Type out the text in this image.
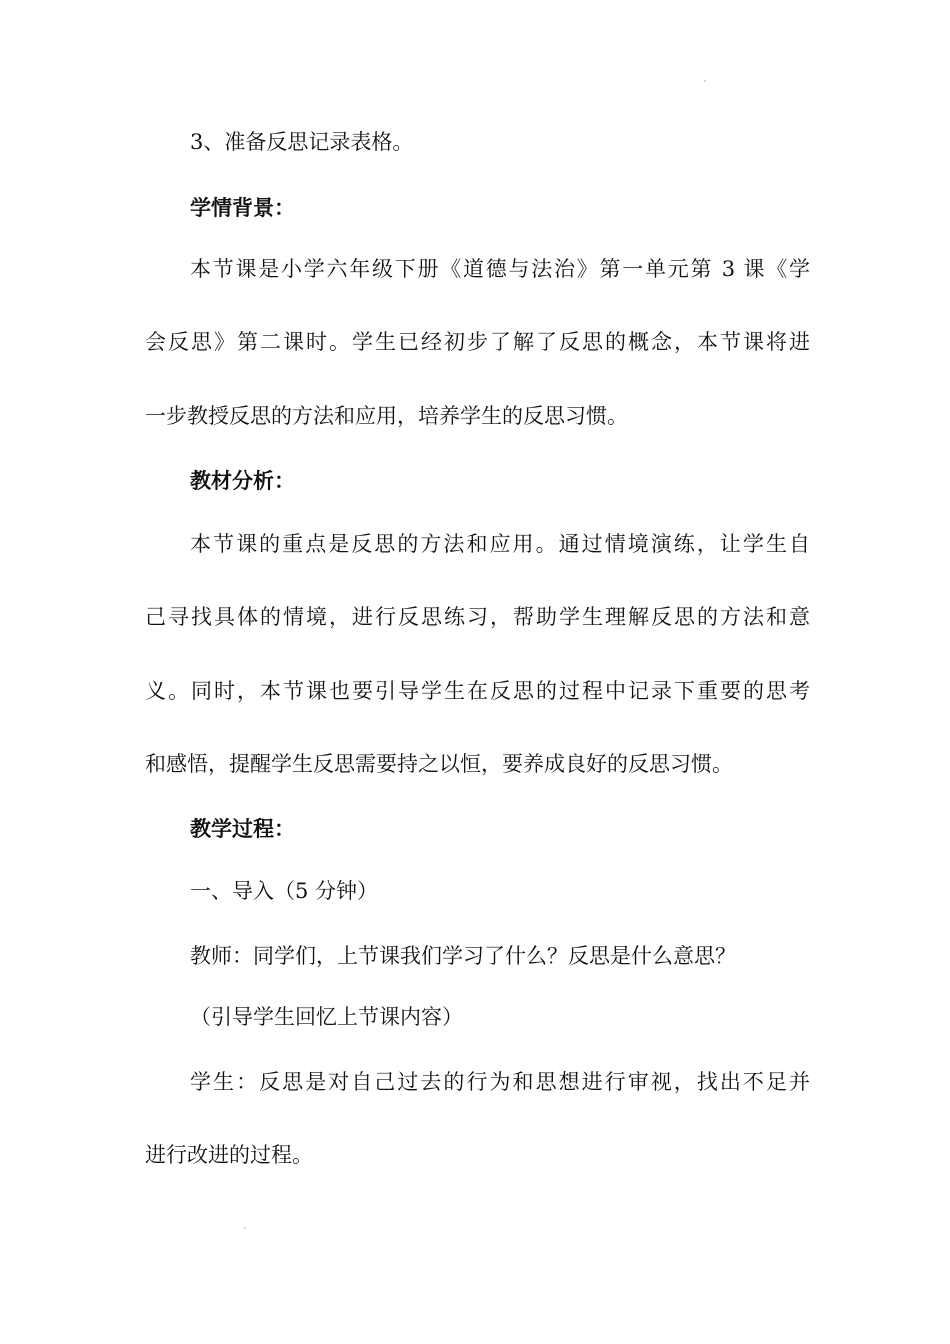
3、准备反思记录表格。
学情背景：
本节课是小学六年级下册《道德与法治》第一单元第 3 课《学
会反思》第二课时。学生已经初步了解了反思的概念，本节课将进
一步教授反思的方法和应用，培养学生的反思习惯。
教材分析：
本节课的重点是反思的方法和应用。通过情境演练，让学生自
己寻找具体的情境，进行反思练习，帮助学生理解反思的方法和意
义。同时，本节课也要引导学生在反思的过程中记录下重要的思考
和感悟，提醒学生反思需要持之以恒，要养成良好的反思习惯。
教学过程：
一、导入（5 分钟）
教师：同学们，上节课我们学习了什么？反思是什么意思？
（引导学生回忆上节课内容）
学生：反思是对自己过去的行为和思想进行审视，找出不足并
进行改进的过程。
